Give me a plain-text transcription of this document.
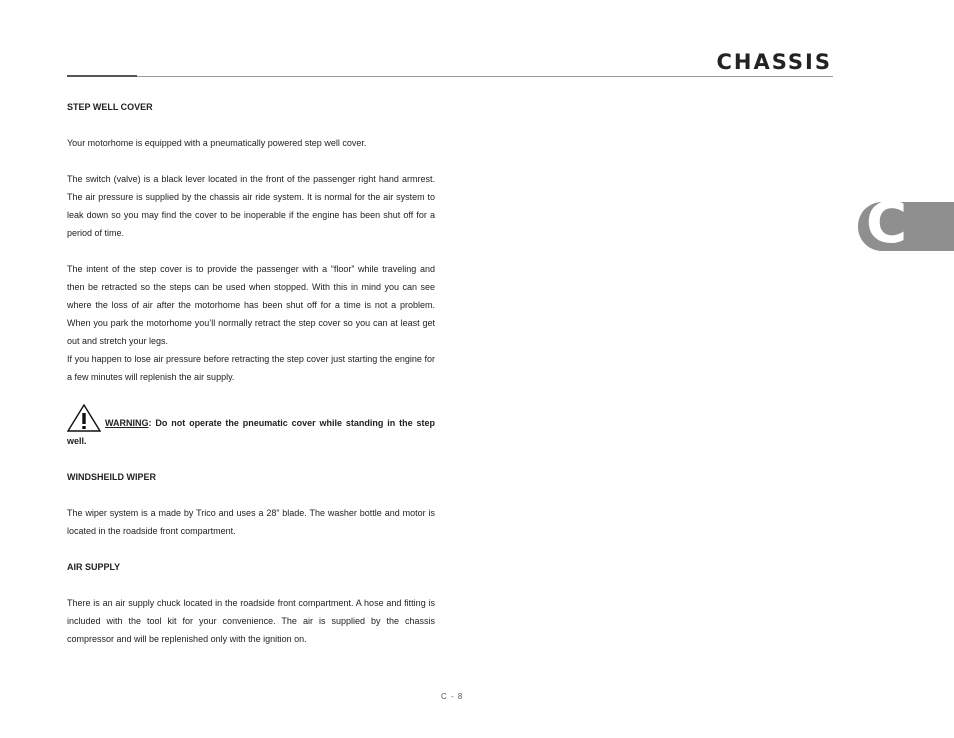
CHASSIS
C

STEP WELL COVER

Your motorhome is equipped with a pneumatically powered step well cover.

The switch (valve) is a black lever located in the front of the passenger right hand armrest. The air pressure is supplied by the chassis air ride system. It is normal for the air system to leak down so you may find the cover to be inoperable if the engine has been shut off for a period of time.

The intent of the step cover is to provide the passenger with a “floor” while traveling and then be retracted so the steps can be used when stopped. With this in mind you can see where the loss of air after the motorhome has been shut off for a time is not a problem. When you park the motorhome you’ll normally retract the step cover so you can at least get out and stretch your legs.

If you happen to lose air pressure before retracting the step cover just starting the engine for a few minutes will replenish the air supply.

WARNING: Do not operate the pneumatic cover while standing in the step well.

WINDSHEILD WIPER

The wiper system is a made by Trico and uses a 28” blade. The washer bottle and motor is located in the roadside front compartment.

AIR SUPPLY

There is an air supply chuck located in the roadside front compartment. A hose and fitting is included with the tool kit for your convenience. The air is supplied by the chassis compressor and will be replenished only with the ignition on.

C - 8
